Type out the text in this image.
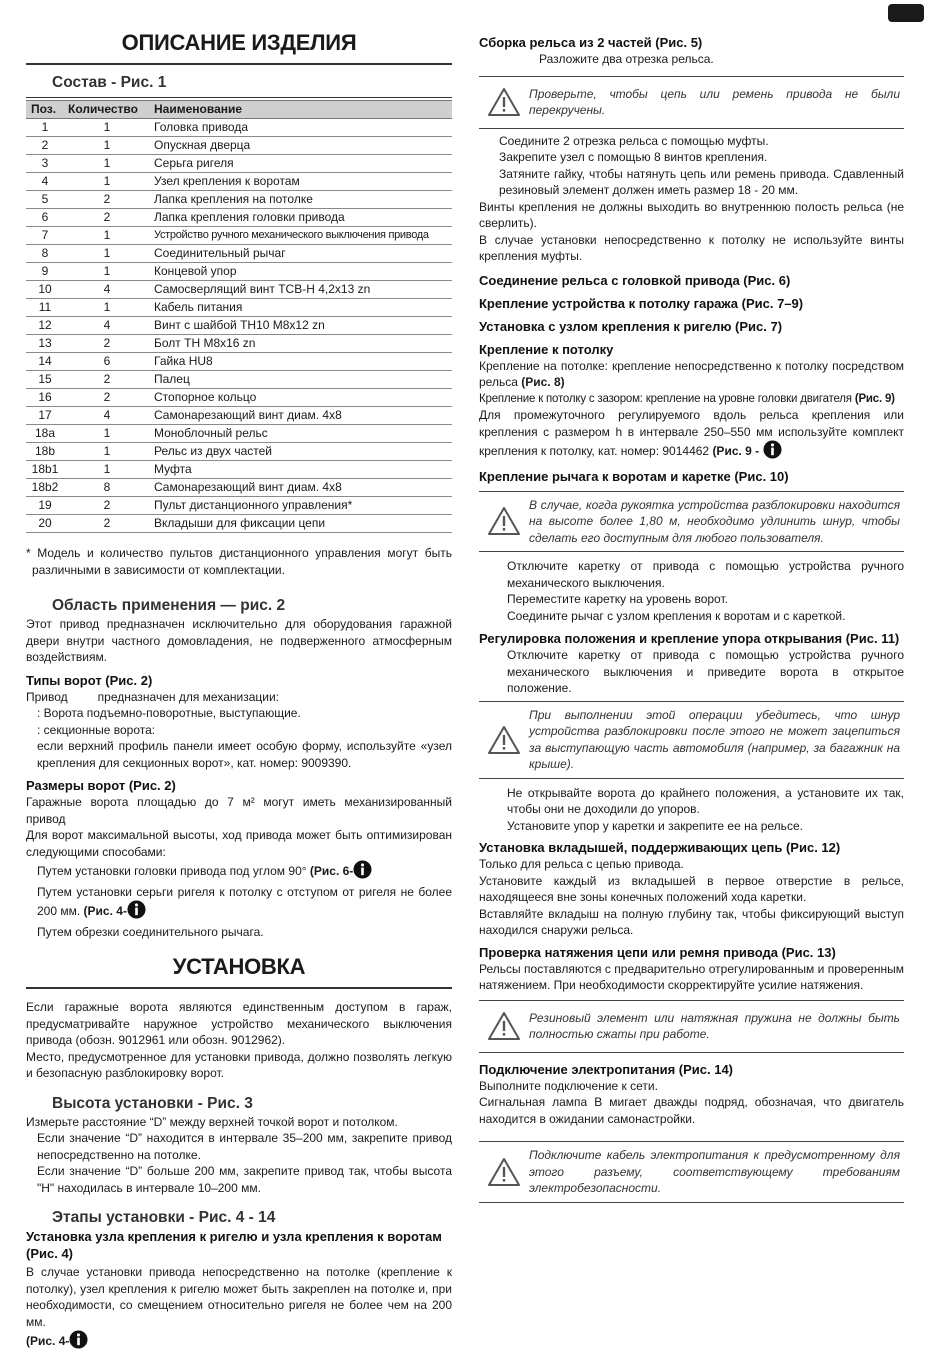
ОПИСАНИЕ ИЗДЕЛИЯ
Состав - Рис. 1
Поз.	Количество	Наименование
1	1	Головка привода
2	1	Опускная дверца
3	1	Серьга ригеля
4	1	Узел крепления к воротам
5	2	Лапка крепления на потолке
6	2	Лапка крепления головки привода
7	1	Устройство ручного механического выключения привода
8	1	Соединительный рычаг
9	1	Концевой упор
10	4	Самосверлящий винт TCB-H 4,2x13 zn
11	1	Кабель питания
12	4	Винт с шайбой TH10 M8x12 zn
13	2	Болт TH M8x16 zn
14	6	Гайка HU8
15	2	Палец
16	2	Стопорное кольцо
17	4	Самонарезающий винт диам. 4x8
18a	1	Моноблочный рельс
18b	1	Рельс из двух частей
18b1	1	Муфта
18b2	8	Самонарезающий винт диам. 4x8
19	2	Пульт дистанционного управления*
20	2	Вкладыши для фиксации цепи

* Модель и количество пультов дистанционного управления могут быть различными в зависимости от комплектации.

Область применения — рис. 2

Этот привод предназначен исключительно для оборудования гаражной двери внутри частного домовладения, не подверженного атмосферным воздействиям.

Типы ворот (Рис. 2)

Привод	предназначен для механизации:

: Ворота подъемно-поворотные, выступающие.

: секционные ворота:

если верхний профиль панели имеет особую форму, используйте «узел крепления для секционных ворот», кат. номер: 9009390.

Размеры ворот (Рис. 2)

Гаражные ворота площадью до 7 м² могут иметь механизированный привод

Для ворот максимальной высоты, ход привода может быть оптимизирован следующими способами:

Путем установки головки привода под углом 90° (Рис. 6-

Путем установки серьги ригеля к потолку с отступом от ригеля не более 200 мм. (Рис. 4-

Путем обрезки соединительного рычага.

УСТАНОВКА

Если гаражные ворота являются единственным доступом в гараж, предусматривайте наружное устройство механического выключения привода (обозн. 9012961 или обозн. 9012962).

Место, предусмотренное для установки привода, должно позволять легкую и безопасную разблокировку ворот.

Высота установки - Рис. 3

Измерьте расстояние “D” между верхней точкой ворот и потолком.

Если значение “D” находится в интервале 35–200 мм, закрепите привод непосредственно на потолке.

Если значение “D” больше 200 мм, закрепите привод так, чтобы высота "H" находилась в интервале 10–200 мм.

Этапы установки - Рис. 4 - 14
Установка узла крепления к ригелю и узла крепления к воротам (Рис. 4)

В случае установки привода непосредственно на потолке (крепление к потолку), узел крепления к ригелю может быть закреплен на потолке и, при необходимости, со смещением относительно ригеля не более чем на 200 мм.

(Рис. 4-

Сборка рельса из 2 частей (Рис. 5)

Разложите два отрезка рельса.

Проверьте, чтобы цепь или ремень привода не были перекручены.

Соедините 2 отрезка рельса с помощью муфты.

Закрепите узел с помощью 8 винтов крепления.

Затяните гайку, чтобы натянуть цепь или ремень привода. Сдавленный резиновый элемент должен иметь размер 18 - 20 мм.

Винты крепления не должны выходить во внутреннюю полость рельса (не сверлить).

В случае установки непосредственно к потолку не используйте винты крепления муфты.

Соединение рельса с головкой привода (Рис. 6)
Крепление устройства к потолку гаража (Рис. 7–9)
Установка с узлом крепления к ригелю (Рис. 7)
Крепление к потолку

Крепление на потолке: крепление непосредственно к потолку посредством рельса (Рис. 8)

Крепление к потолку с зазором: крепление на уровне головки двигателя (Рис. 9)

Для промежуточного регулируемого вдоль рельса крепления или крепления с размером h в интервале 250–550 мм используйте комплект крепления к потолку, кат. номер: 9014462 (Рис. 9 -

Крепление рычага к воротам и каретке (Рис. 10)
В случае, когда рукоятка устройства разблокировки находится на высоте более 1,80 м, необходимо удлинить шнур, чтобы сделать его доступным для любого пользователя.

Отключите каретку от привода с помощью устройства ручного механического выключения.

Переместите каретку на уровень ворот.

Соедините рычаг с узлом крепления к воротам и с кареткой.

Регулировка положения и крепление упора открывания (Рис. 11)

Отключите каретку от привода с помощью устройства ручного механического выключения и приведите ворота в открытое положение.

При выполнении этой операции убедитесь, что шнур устройства разблокировки после этого не может зацепиться за выступающую часть автомобиля (например, за багажник на крыше).

Не открывайте ворота до крайнего положения, а установите их так, чтобы они не доходили до упоров.

Установите упор у каретки и закрепите ее на рельсе.

Установка вкладышей, поддерживающих цепь (Рис. 12)

Только для рельса с цепью привода.

Установите каждый из вкладышей в первое отверстие в рельсе, находящееся вне зоны конечных положений хода каретки.

Вставляйте вкладыш на полную глубину так, чтобы фиксирующий выступ находился снаружи рельса.

Проверка натяжения цепи или ремня привода (Рис. 13)

Рельсы поставляются с предварительно отрегулированным и проверенным натяжением. При необходимости скорректируйте усилие натяжения.

Резиновый элемент или натяжная пружина не должны быть полностью сжаты при работе.
Подключение электропитания (Рис. 14)

Выполните подключение к сети.

Сигнальная лампа B мигает дважды подряд, обозначая, что двигатель находится в ожидании самонастройки.

Подключите кабель электропитания к предусмотренному для этого разъему, соответствующему требованиям электробезопасности.
